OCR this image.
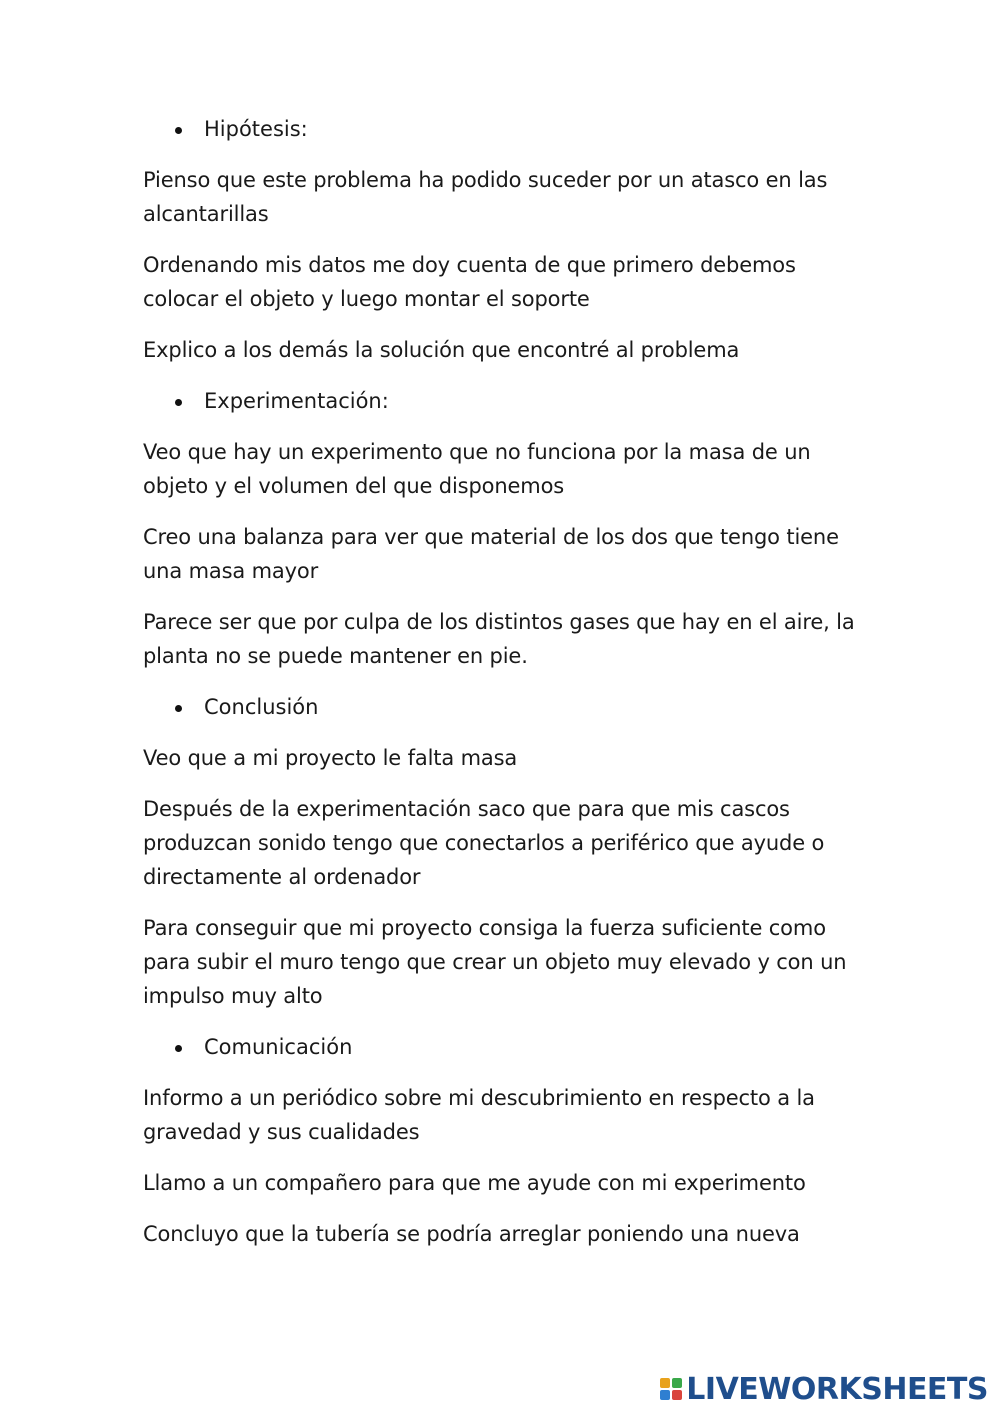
Hipótesis:

Pienso que este problema ha podido suceder por un atasco en las alcantarillas

Ordenando mis datos me doy cuenta de que primero debemos colocar el objeto y luego montar el soporte

Explico a los demás la solución que encontré al problema

Experimentación:

Veo que hay un experimento que no funciona por la masa de un objeto y el volumen del que disponemos

Creo una balanza para ver que material de los dos que tengo tiene una masa mayor

Parece ser que por culpa de los distintos gases que hay en el aire, la planta no se puede mantener en pie.

Conclusión

Veo que a mi proyecto le falta masa

Después de la experimentación saco que para que mis cascos produzcan sonido tengo que conectarlos a periférico que ayude o directamente al ordenador

Para conseguir que mi proyecto consiga la fuerza suficiente como para subir el muro tengo que crear un objeto muy elevado y con un impulso muy alto

Comunicación

Informo a un periódico sobre mi descubrimiento en respecto a la gravedad y sus cualidades

Llamo a un compañero para que me ayude con mi experimento

Concluyo que la tubería se podría arreglar poniendo una nueva

LIVEWORKSHEETS
